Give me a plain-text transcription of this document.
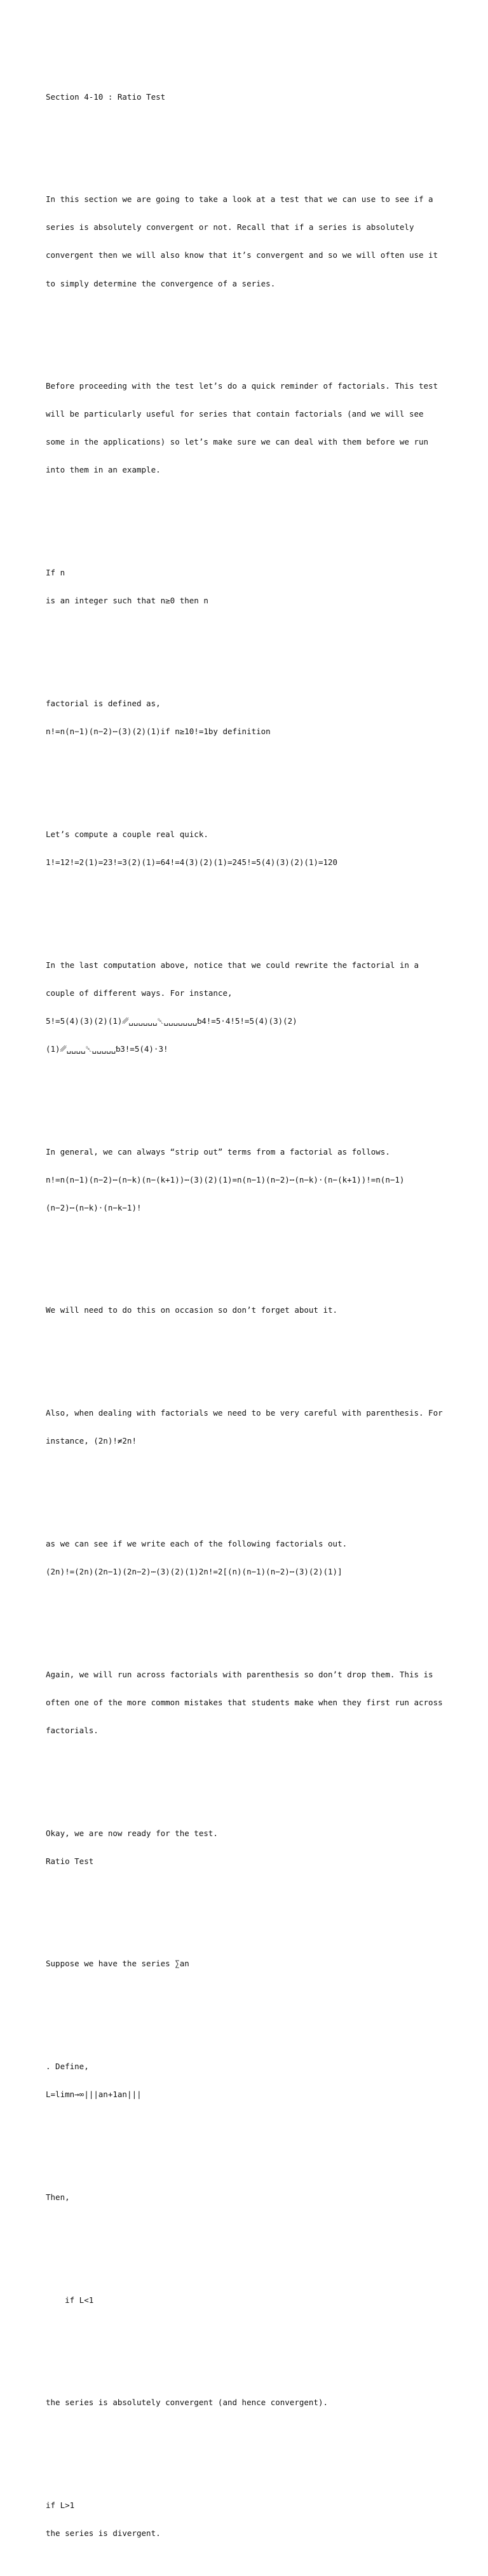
Section 4-10 : Ratio Test

In this section we are going to take a look at a test that we can use to see if a

series is absolutely convergent or not. Recall that if a series is absolutely

convergent then we will also know that it’s convergent and so we will often use it

to simply determine the convergence of a series.

Before proceeding with the test let’s do a quick reminder of factorials. This test

will be particularly useful for series that contain factorials (and we will see

some in the applications) so let’s make sure we can deal with them before we run

into them in an example.

If n

is an integer such that n≥0 then n

factorial is defined as,

n!=n(n−1)(n−2)⋯(3)(2)(1)if n≥10!=1by definition

Let’s compute a couple real quick.

1!=12!=2(1)=23!=3(2)(1)=64!=4(3)(2)(1)=245!=5(4)(3)(2)(1)=120

In the last computation above, notice that we could rewrite the factorial in a

couple of different ways. For instance,

5!=5(4)(3)(2)(1)␥␣␣␣␣␣␣␡␣␣␣␣␣␣␣␢4!=5⋅4!5!=5(4)(3)(2)

(1)␥␣␣␣␣␡␣␣␣␣␣␢3!=5(4)⋅3!

In general, we can always “strip out” terms from a factorial as follows.

n!=n(n−1)(n−2)⋯(n−k)(n−(k+1))⋯(3)(2)(1)=n(n−1)(n−2)⋯(n−k)⋅(n−(k+1))!=n(n−1)

(n−2)⋯(n−k)⋅(n−k−1)!

We will need to do this on occasion so don’t forget about it.

Also, when dealing with factorials we need to be very careful with parenthesis. For

instance, (2n)!≠2n!

as we can see if we write each of the following factorials out.

(2n)!=(2n)(2n−1)(2n−2)⋯(3)(2)(1)2n!=2[(n)(n−1)(n−2)⋯(3)(2)(1)]

Again, we will run across factorials with parenthesis so don’t drop them. This is

often one of the more common mistakes that students make when they first run across

factorials.

Okay, we are now ready for the test.

Ratio Test

Suppose we have the series ∑an

. Define,

L=limn→∞∣∣∣an+1an∣∣∣

Then,

if L<1

the series is absolutely convergent (and hence convergent).

if L>1

the series is divergent.
